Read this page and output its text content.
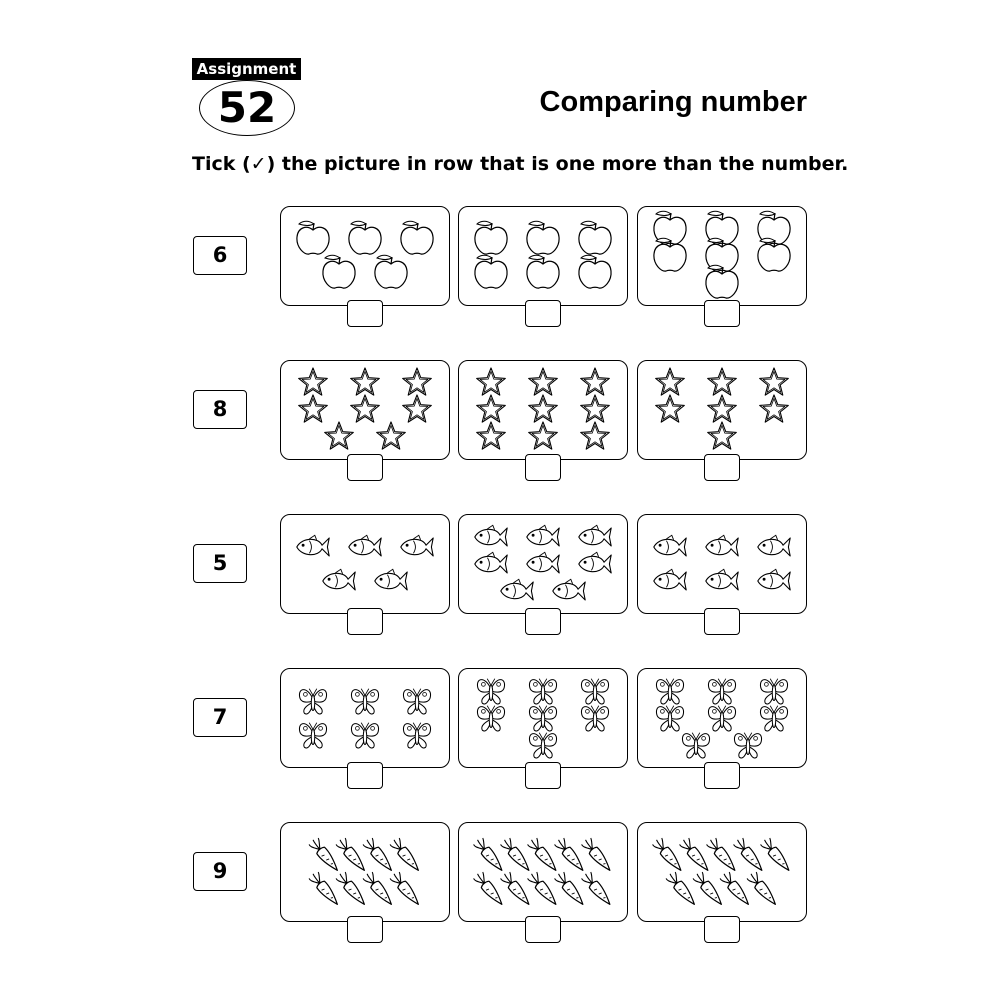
Assignment
52	Comparing number
Tick (✓) the picture in row that is one more than the number.
6
8
5
7
9
